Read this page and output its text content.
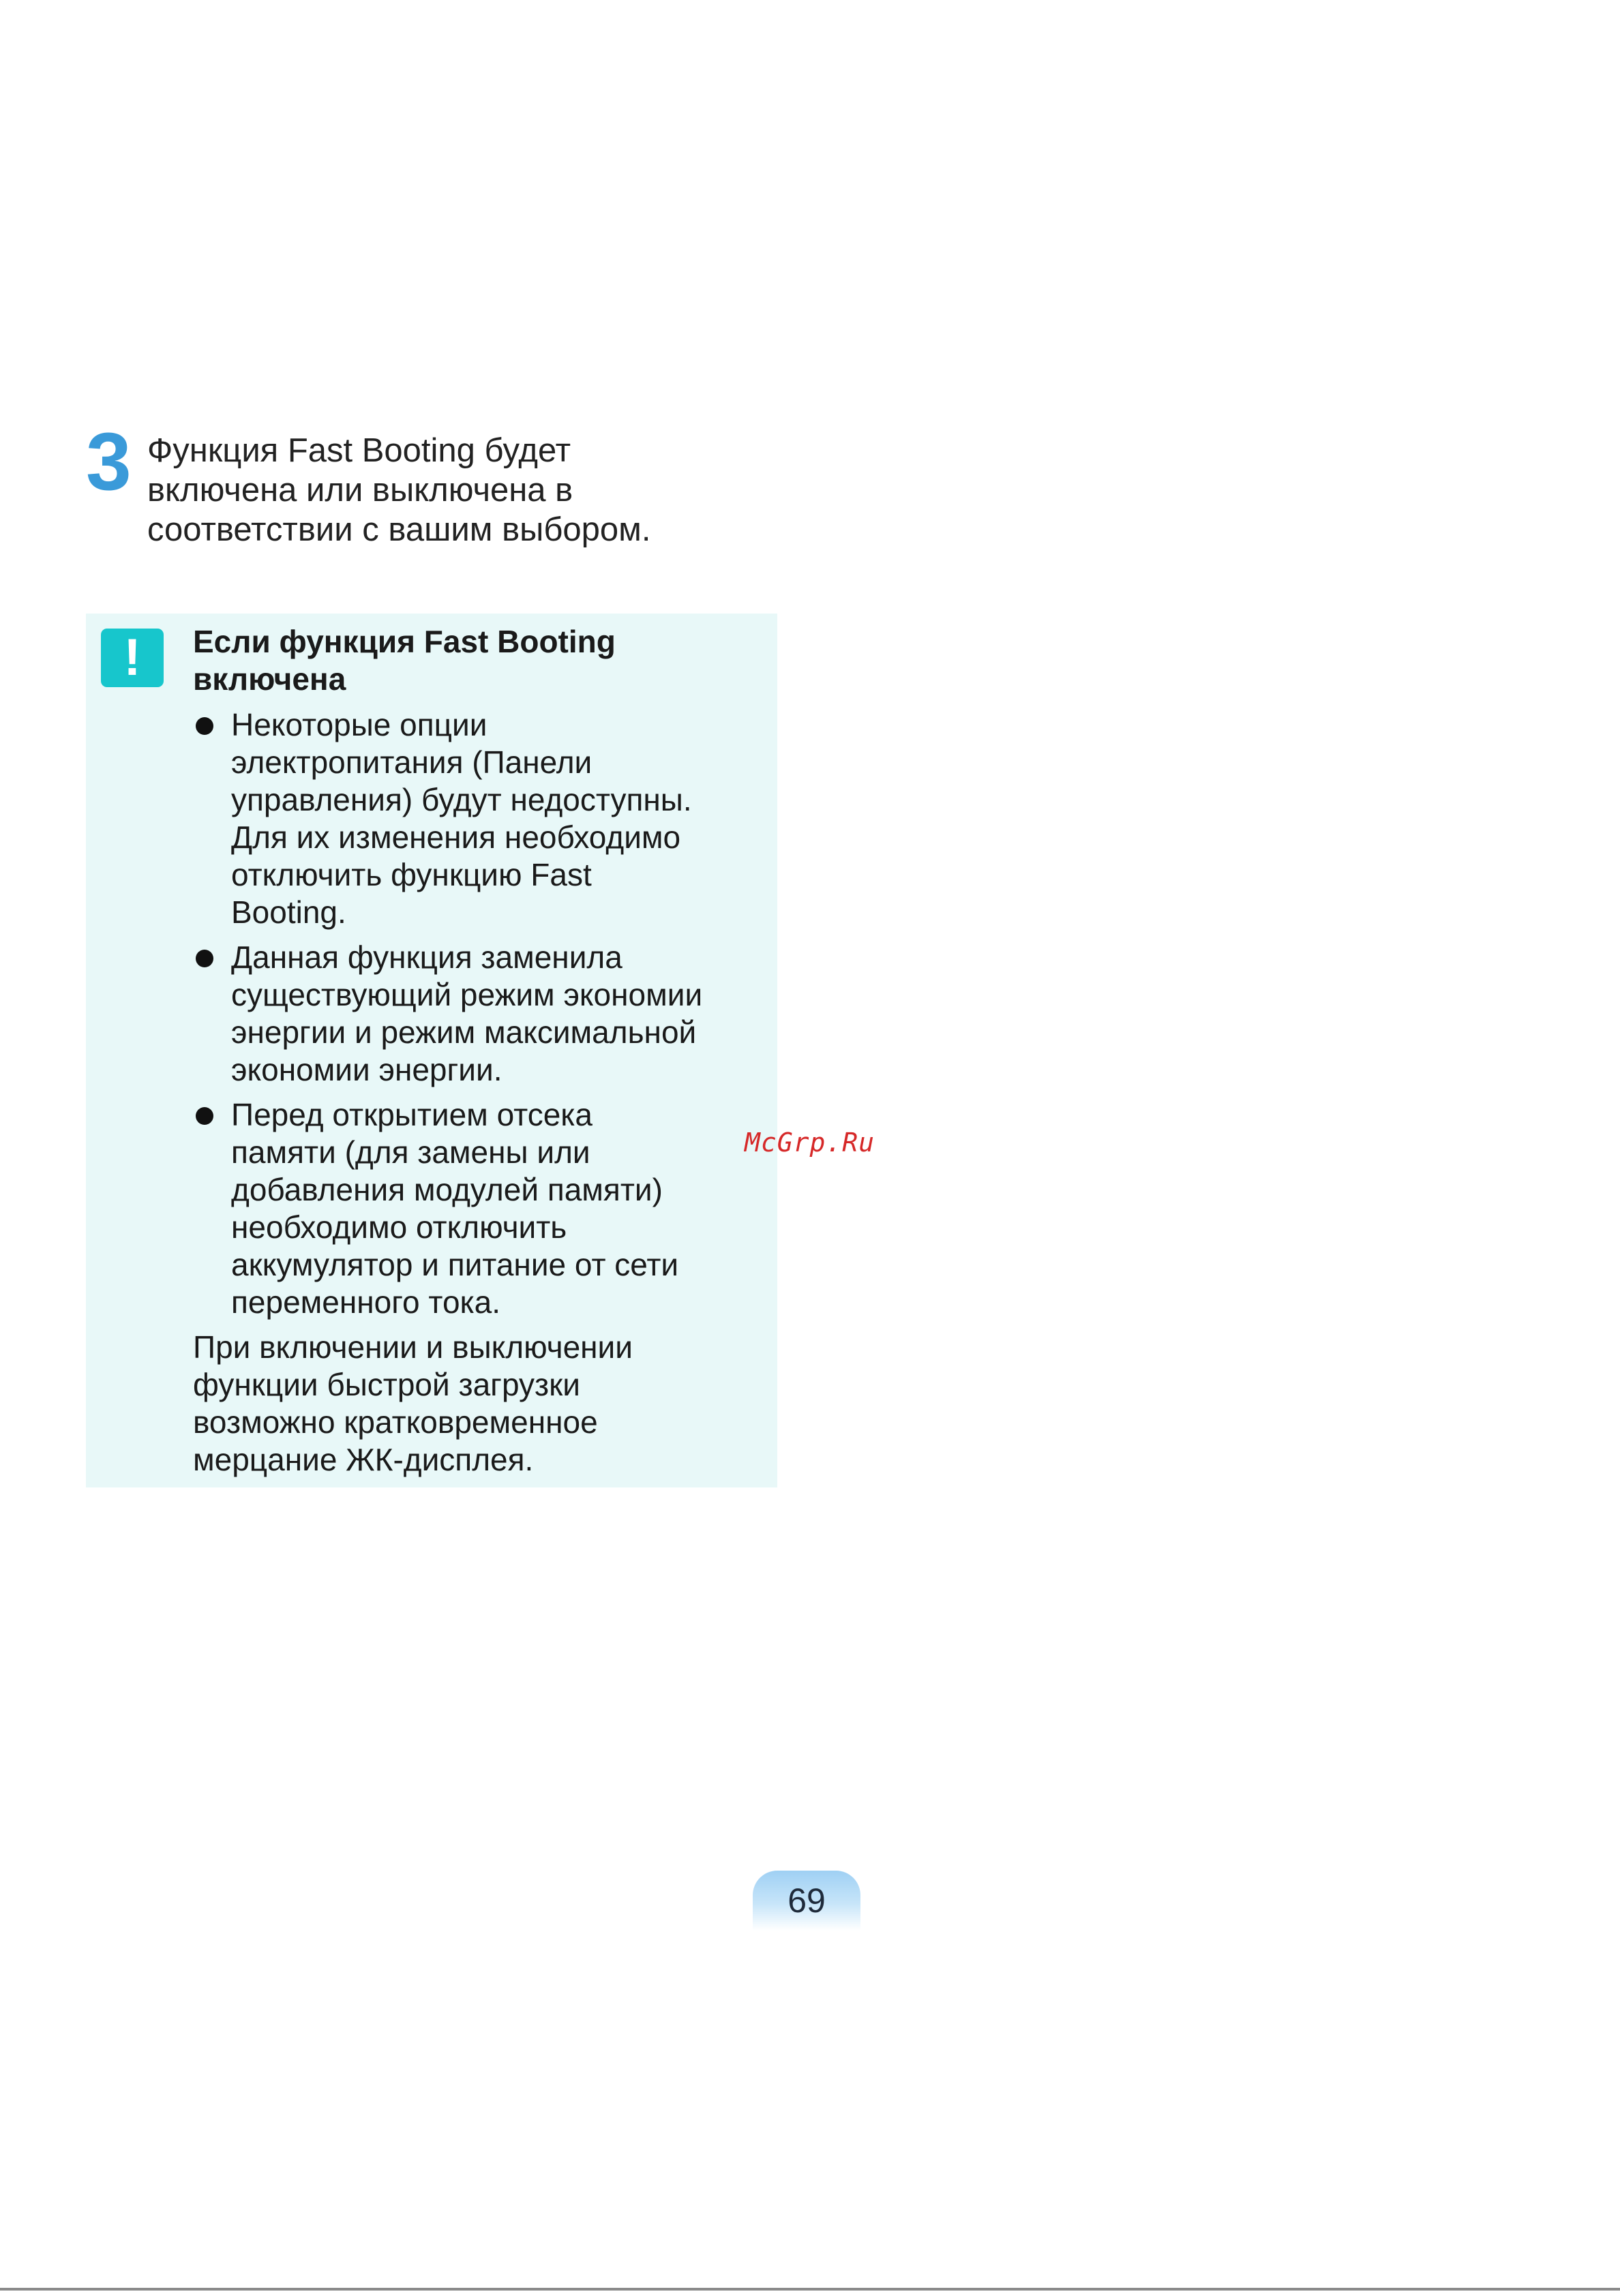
3 Функция Fast Booting будет
включена или выключена в
соответствии с вашим выбором.
!	Если функция Fast Booting
включена
Некоторые опции
электропитания (Панели
управления) будут недоступны.
Для их изменения необходимо
отключить функцию Fast
Booting.
Данная функция заменила
существующий режим экономии
энергии и режим максимальной
экономии энергии.
Перед открытием отсека
памяти (для замены или
добавления модулей памяти)
необходимо отключить
аккумулятор и питание от сети
переменного тока.
При включении и выключении
функции быстрой загрузки
возможно кратковременное
мерцание ЖК-дисплея.
McGrp.Ru
69
